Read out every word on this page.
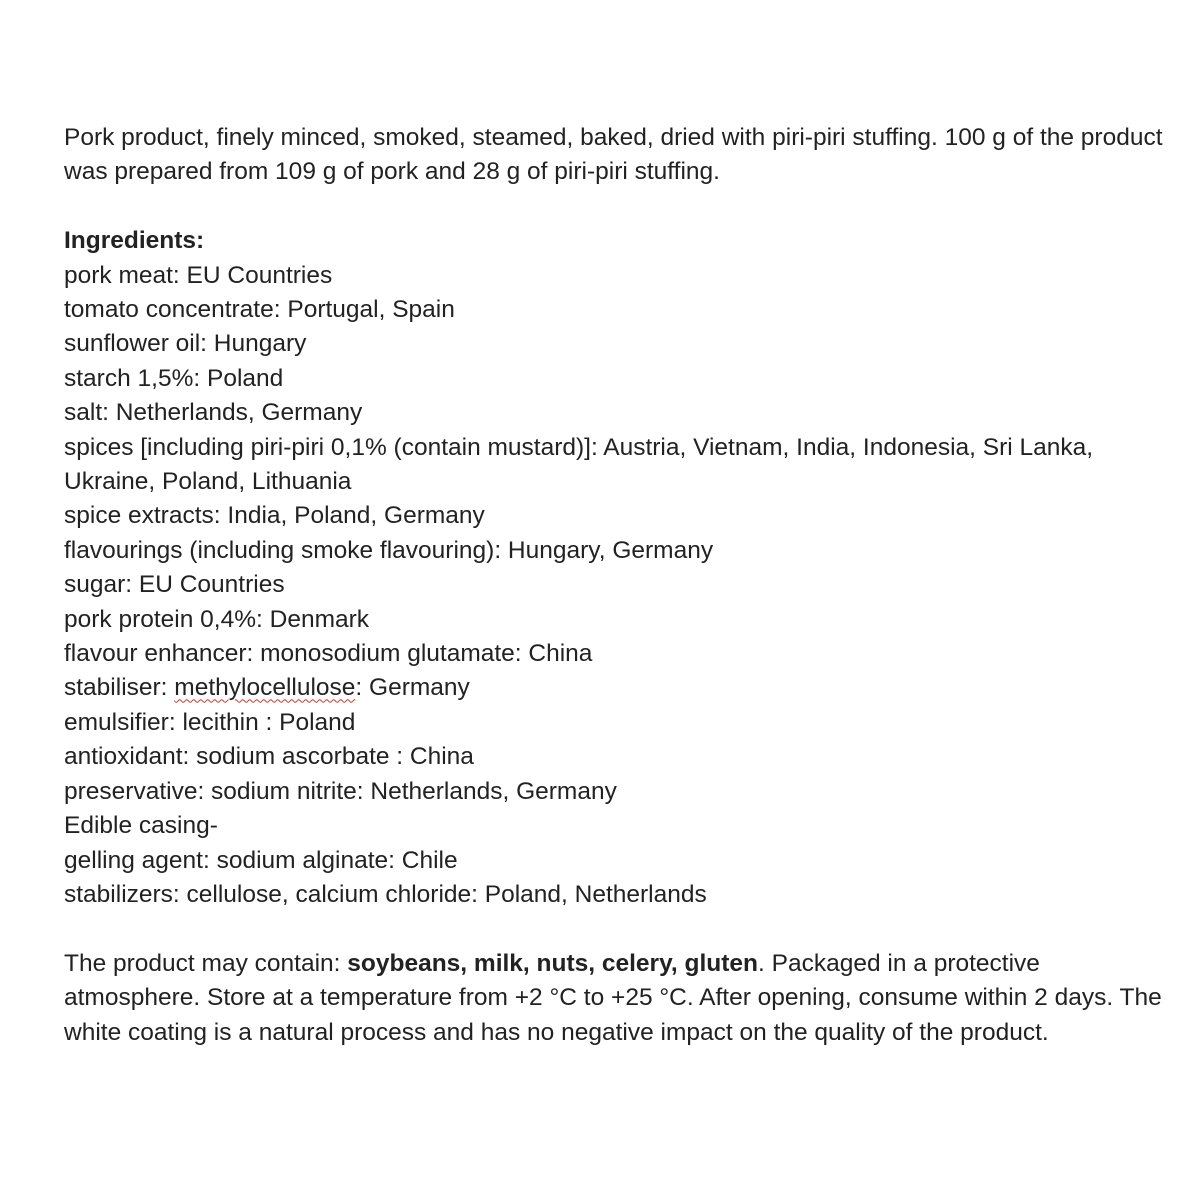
Pork product, finely minced, smoked, steamed, baked, dried with piri-piri stuffing. 100 g of the product was prepared from 109 g of pork and 28 g of piri-piri stuffing.

Ingredients:

pork meat: EU Countries

tomato concentrate: Portugal, Spain

sunflower oil: Hungary

starch 1,5%: Poland

salt: Netherlands, Germany

spices [including piri-piri 0,1% (contain mustard)]: Austria, Vietnam, India, Indonesia, Sri Lanka, Ukraine, Poland, Lithuania

spice extracts: India, Poland, Germany

flavourings (including smoke flavouring): Hungary, Germany

sugar: EU Countries

pork protein 0,4%: Denmark

flavour enhancer: monosodium glutamate: China

stabiliser: methylocellulose: Germany

emulsifier: lecithin : Poland

antioxidant: sodium ascorbate : China

preservative: sodium nitrite: Netherlands, Germany

Edible casing-

gelling agent: sodium alginate: Chile

stabilizers: cellulose, calcium chloride: Poland, Netherlands

The product may contain: soybeans, milk, nuts, celery, gluten. Packaged in a protective atmosphere. Store at a temperature from +2 °C to +25 °C. After opening, consume within 2 days. The white coating is a natural process and has no negative impact on the quality of the product.
